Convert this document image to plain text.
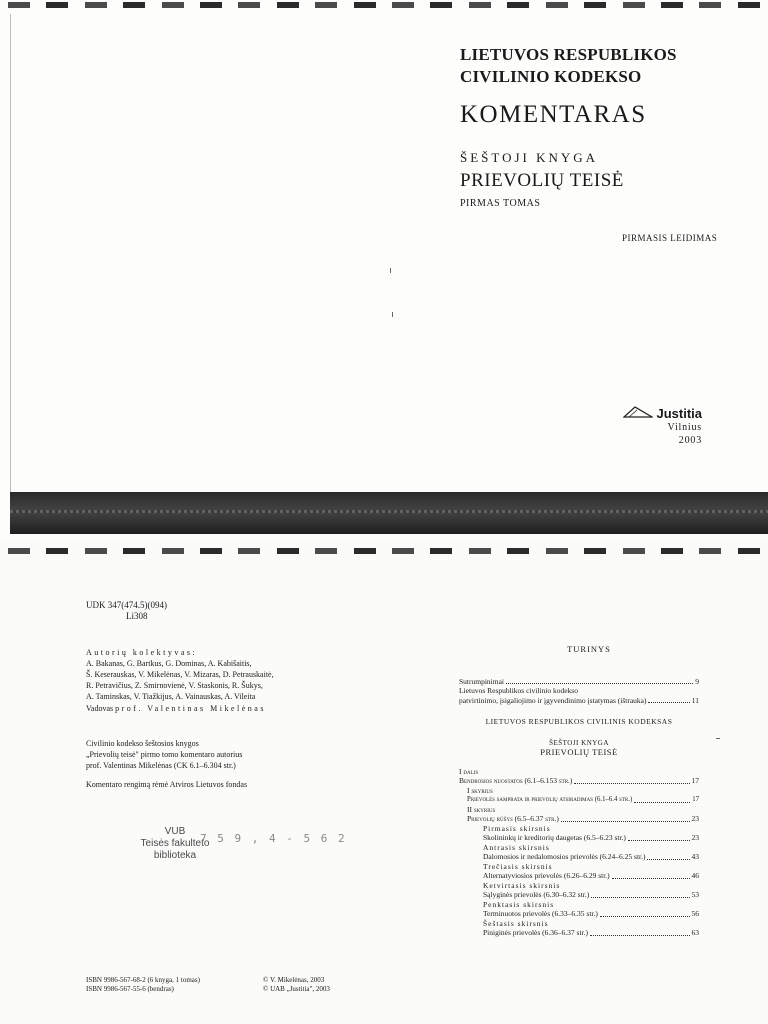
LIETUVOS RESPUBLIKOS
CIVILINIO KODEKSO
KOMENTARAS
ŠEŠTOJI KNYGA
PRIEVOLIŲ TEISĖ
PIRMAS TOMAS
PIRMASIS LEIDIMAS
Justitia
Vilnius
2003
UDK 347(474.5)(094)
Li308
Autorių kolektyvas:
A. Bakanas, G. Bartkus, G. Dominas, A. Kabišaitis,
Š. Keserauskas, V. Mikelėnas, V. Mizaras, D. Petrauskaitė,
R. Petravičius, Z. Smirnovienė, V. Staskonis, R. Šukys,
A. Taminskas, V. Tiažkijus, A. Vainauskas, A. Vileita
Vadovas prof. Valentinas Mikelėnas
Civilinio kodekso šeštosios knygos
„Prievolių teisė" pirmo tomo komentaro autorius
prof. Valentinas Mikelėnas (CK 6.1–6.304 str.)
Komentaro rengimą rėmė Atviros Lietuvos fondas
VUB
Teisės fakulteto
biblioteka
7 5 9 , 4 - 5 6 2
ISBN 9986-567-68-2 (6 knyga, 1 tomas)
ISBN 9986-567-55-6 (bendras)
© V. Mikelėnas, 2003
© UAB „Justitia", 2003
TURINYS
Sutrumpinimai	9
Lietuvos Respublikos civilinio kodekso
patvirtinimo, įsigaliojimo ir įgyvendinimo įstatymas (ištrauka)	11
LIETUVOS RESPUBLIKOS CIVILINIS KODEKSAS
ŠEŠTOJI KNYGA
PRIEVOLIŲ TEISĖ
I dalis
Bendrosios nuostatos (6.1–6.153 str.)	17
I skyrius
Prievolės samprata ir prievolių atsiradimas (6.1–6.4 str.)	17
II skyrius
Prievolių rūšys (6.5–6.37 str.)	23
Pirmasis skirsnis
Skolininkų ir kreditorių daugetas (6.5–6.23 str.)	23
Antrasis skirsnis
Dalomosios ir nedalomosios prievolės (6.24–6.25 str.)	43
Trečiasis skirsnis
Alternatyviosios prievolės (6.26–6.29 str.)	46
Ketvirtasis skirsnis
Sąlyginės prievolės (6.30–6.32 str.)	53
Penktasis skirsnis
Terminuotos prievolės (6.33–6.35 str.)	56
Šeštasis skirsnis
Piniginės prievolės (6.36–6.37 str.)	63
